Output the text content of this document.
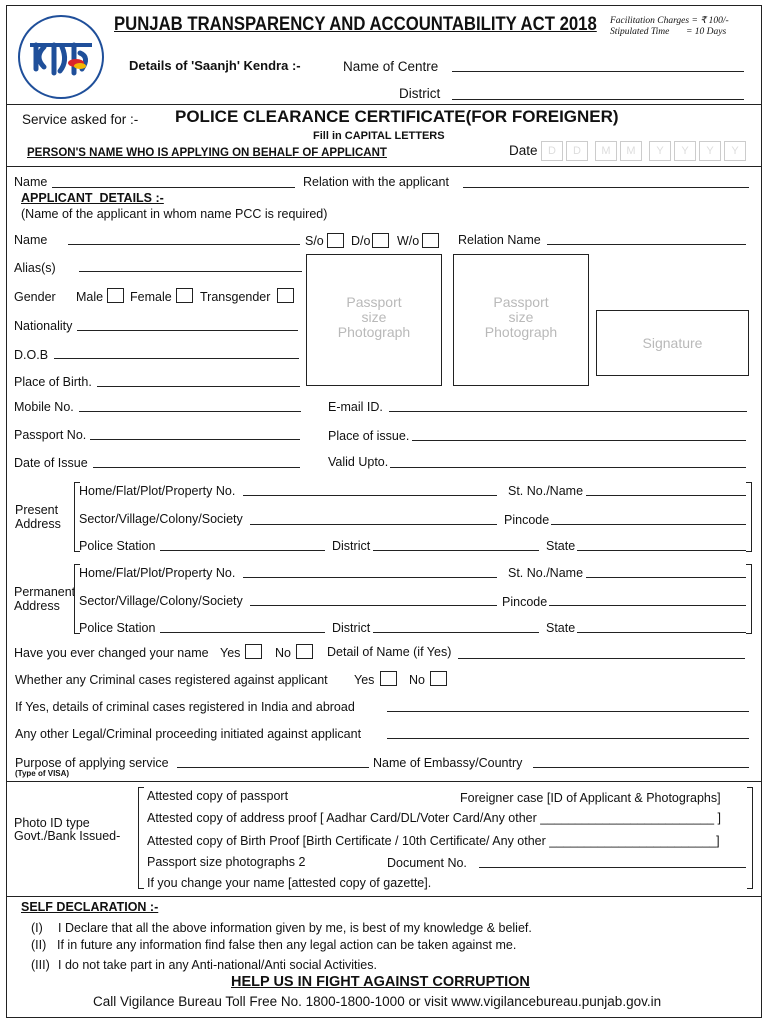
PUNJAB TRANSPARENCY AND ACCOUNTABILITY ACT 2018 Facilitation Charges = ₹ 100/-
Stipulated Time       = 10 Days
Details of 'Saanjh' Kendra :-	Name of Centre
District
Service asked for :- POLICE CLEARANCE CERTIFICATE(FOR FOREIGNER)
Fill in CAPITAL LETTERS
PERSON'S NAME WHO IS APPLYING ON BEHALF OF APPLICANT	Date D	D	M	M	Y	Y	Y	Y
Name	Relation with the applicant
APPLICANT  DETAILS :-
(Name of the applicant in whom name PCC is required)
Name	S/o D/o W/o	Relation Name
Alias(s)
Gender Male Female Transgender
Nationality
D.O.B
Place of Birth.
Passport
size
Photograph
Passport
size
Photograph
Signature
Mobile No.	E-mail ID.
Passport No.	Place of issue.
Date of Issue	Valid Upto.
Present
Address
Home/Flat/Plot/Property No.	St. No./Name
Sector/Village/Colony/Society	Pincode
Police Station	District	State
Permanent
Address
Home/Flat/Plot/Property No.	St. No./Name
Sector/Village/Colony/Society	Pincode
Police Station	District	State
Have you ever changed your name Yes	No	Detail of Name (if Yes)
Whether any Criminal cases registered against applicant Yes	No
If Yes, details of criminal cases registered in India and abroad
Any other Legal/Criminal proceeding initiated against applicant
Purpose of applying service
(Type of VISA)
Name of Embassy/Country
Photo ID type
Govt./Bank Issued-
Attested copy of passport	Foreigner case [ID of Applicant & Photographs]
Attested copy of address proof [ Aadhar Card/DL/Voter Card/Any other _________________________ ]
Attested copy of Birth Proof [Birth Certificate / 10th Certificate/ Any other ________________________]
Passport size photographs 2	Document No.
If you change your name [attested copy of gazette].
SELF DECLARATION :-
(I) I Declare that all the above information given by me, is best of my knowledge & belief.
(II) If in future any information find false then any legal action can be taken against me.
(III) I do not take part in any Anti-national/Anti social Activities.
HELP US IN FIGHT AGAINST CORRUPTION
Call Vigilance Bureau Toll Free No. 1800-1800-1000 or visit www.vigilancebureau.punjab.gov.in
